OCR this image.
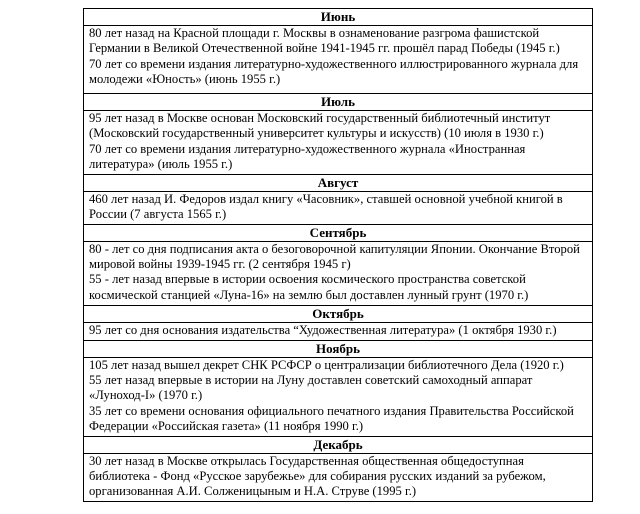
Июнь

80 лет назад на Красной площади г. Москвы в ознаменование разгрома фашистской Германии в Великой Отечественной войне 1941-1945 гг. прошёл парад Победы (1945 г.)

70 лет со времени издания литературно-художественного иллюстрированного журнала для молодежи «Юность» (июнь 1955 г.)

Июль

95 лет назад в Москве основан Московский государственный библиотечный институт (Московский государственный университет культуры и искусств) (10 июля в 1930 г.)

70 лет со времени издания литературно-художественного журнала «Иностранная литература» (июль 1955 г.)

Август

460 лет назад И. Федоров издал книгу «Часовник», ставшей основной учебной книгой в России (7 августа 1565 г.)

Сентябрь

80 - лет со дня подписания акта о безоговорочной капитуляции Японии. Окончание Второй мировой войны 1939-1945 гг. (2 сентября 1945 г)

55 - лет назад впервые в истории освоения космического пространства советской космической станцией «Луна-16» на землю был доставлен лунный грунт (1970 г.)

Октябрь

95 лет со дня основания издательства “Художественная литература» (1 октября 1930 г.)

Ноябрь

105 лет назад вышел декрет СНК РСФСР о централизации библиотечного Дела (1920 г.)

55 лет назад впервые в истории на Луну доставлен советский самоходный аппарат «Луноход-I» (1970 г.)

35 лет со времени основания официального печатного издания Правительства Российской Федерации «Российская газета» (11 ноября 1990 г.)

Декабрь

30 лет назад в Москве открылась Государственная общественная общедоступная библиотека - Фонд «Русское зарубежье» для собирания русских изданий за рубежом, организованная А.И. Солженицыным и Н.А. Струве (1995 г.)
